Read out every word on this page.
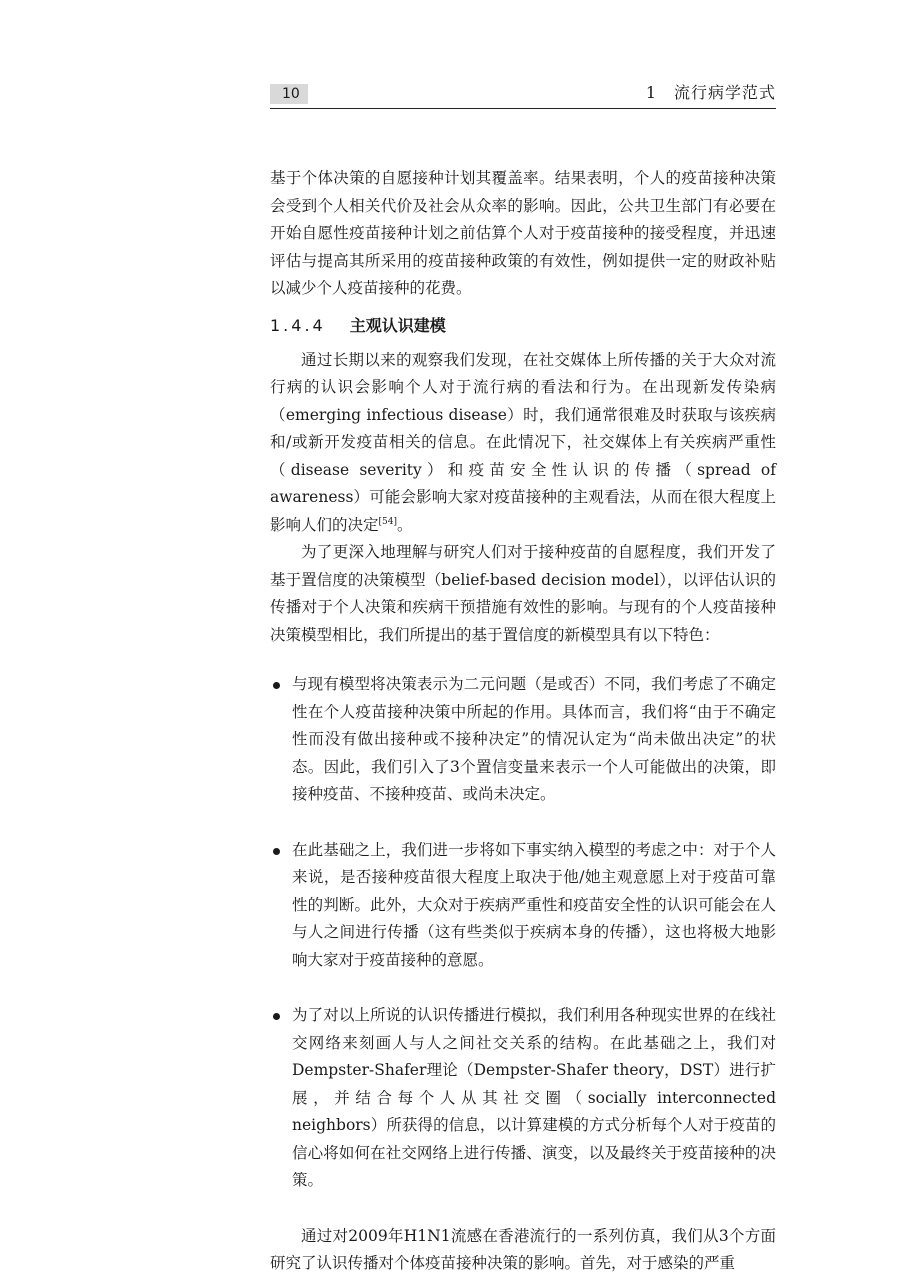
10	1　流行病学范式

基于个体决策的自愿接种计划其覆盖率。结果表明，个人的疫苗接种决策会受到个人相关代价及社会从众率的影响。因此，公共卫生部门有必要在开始自愿性疫苗接种计划之前估算个人对于疫苗接种的接受程度，并迅速评估与提高其所采用的疫苗接种政策的有效性，例如提供一定的财政补贴以减少个人疫苗接种的花费。

1.4.4 主观认识建模

通过长期以来的观察我们发现，在社交媒体上所传播的关于大众对流行病的认识会影响个人对于流行病的看法和行为。在出现新发传染病（emerging infectious disease）时，我们通常很难及时获取与该疾病和/或新开发疫苗相关的信息。在此情况下，社交媒体上有关疾病严重性（disease severity）和疫苗安全性认识的传播（spread of awareness）可能会影响大家对疫苗接种的主观看法，从而在很大程度上影响人们的决定[54]。

为了更深入地理解与研究人们对于接种疫苗的自愿程度，我们开发了基于置信度的决策模型（belief-based decision model），以评估认识的传播对于个人决策和疾病干预措施有效性的影响。与现有的个人疫苗接种决策模型相比，我们所提出的基于置信度的新模型具有以下特色：

与现有模型将决策表示为二元问题（是或否）不同，我们考虑了不确定性在个人疫苗接种决策中所起的作用。具体而言，我们将“由于不确定性而没有做出接种或不接种决定”的情况认定为“尚未做出决定”的状态。因此，我们引入了3个置信变量来表示一个人可能做出的决策，即接种疫苗、不接种疫苗、或尚未决定。
在此基础之上，我们进一步将如下事实纳入模型的考虑之中：对于个人来说，是否接种疫苗很大程度上取决于他/她主观意愿上对于疫苗可靠性的判断。此外，大众对于疾病严重性和疫苗安全性的认识可能会在人与人之间进行传播（这有些类似于疾病本身的传播），这也将极大地影响大家对于疫苗接种的意愿。
为了对以上所说的认识传播进行模拟，我们利用各种现实世界的在线社交网络来刻画人与人之间社交关系的结构。在此基础之上，我们对Dempster-Shafer理论（Dempster-Shafer theory，DST）进行扩展，并结合每个人从其社交圈（socially interconnected neighbors）所获得的信息，以计算建模的方式分析每个人对于疫苗的信心将如何在社交网络上进行传播、演变，以及最终关于疫苗接种的决策。

通过对2009年H1N1流感在香港流行的一系列仿真，我们从3个方面研究了认识传播对个体疫苗接种决策的影响。首先，对于感染的严重
